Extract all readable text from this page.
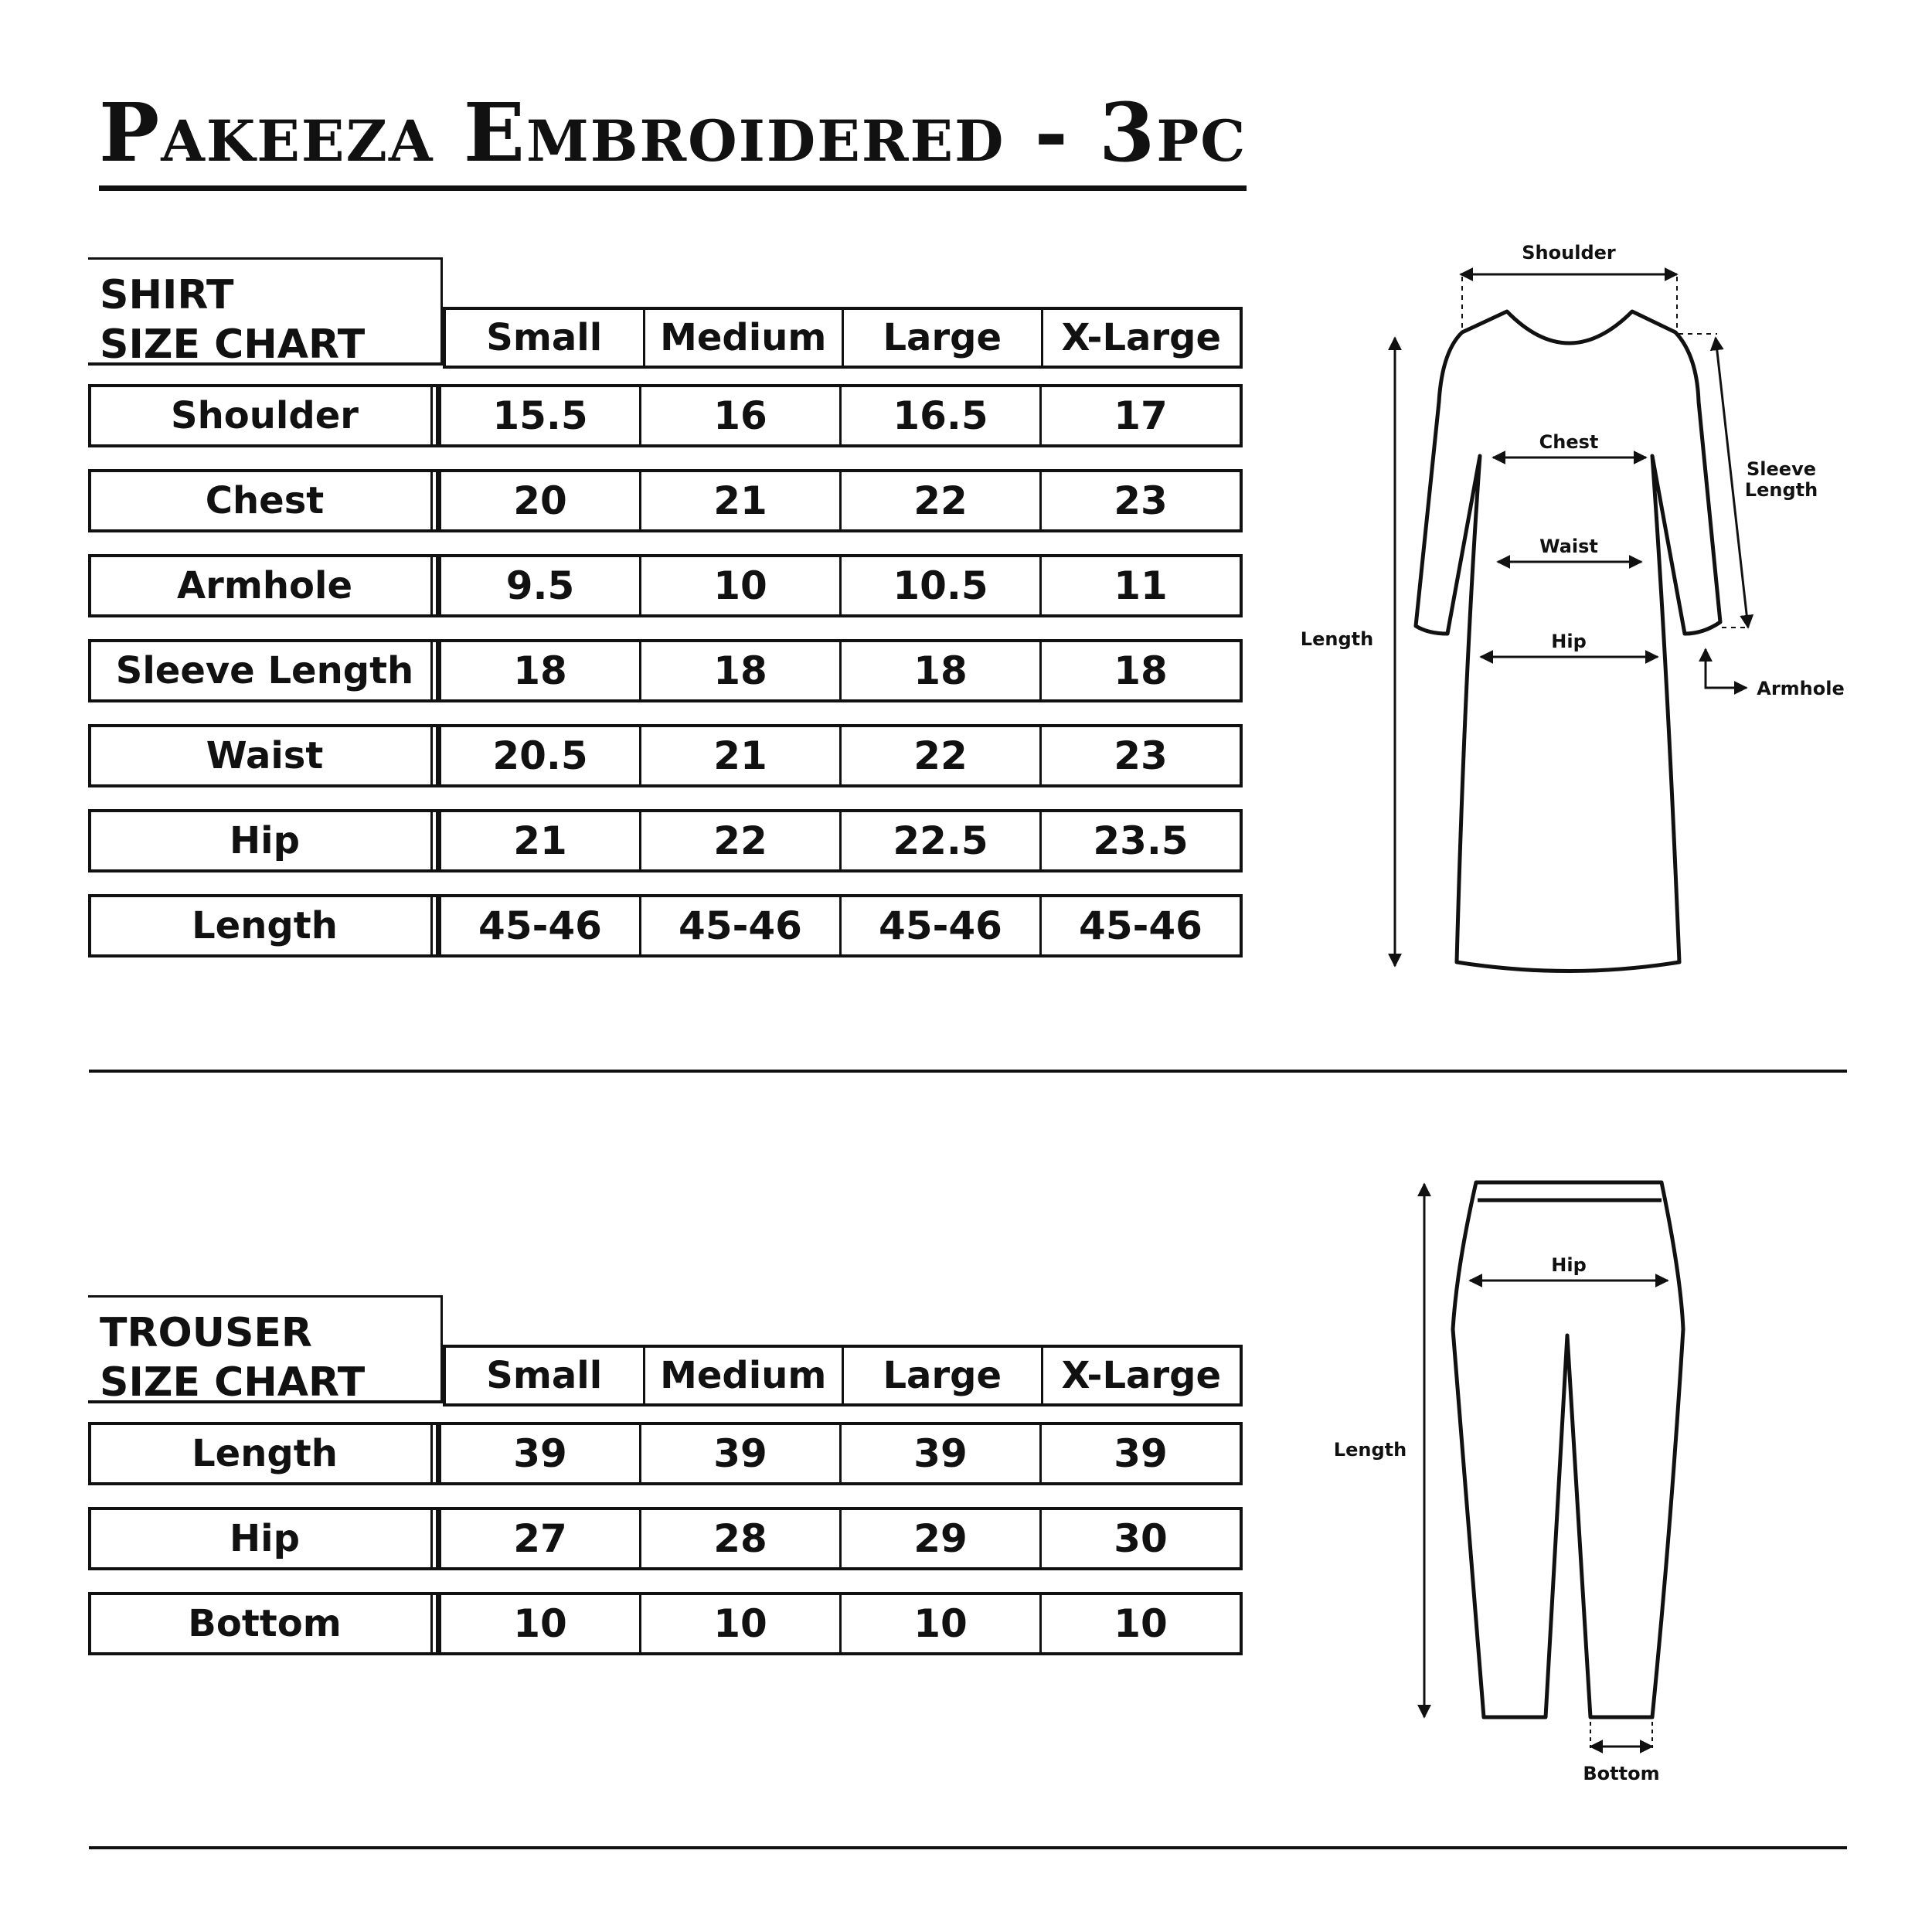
Pakeeza Embroidered - 3pc
SHIRT
SIZE CHART	Small	Medium	Large	X-Large
Shoulder	15.5	16	16.5	17
Chest	20	21	22	23
Armhole	9.5	10	10.5	11
Sleeve Length	18	18	18	18
Waist	20.5	21	22	23
Hip	21	22	22.5	23.5
Length	45-46	45-46	45-46	45-46
Shoulder
Chest
Waist
Hip
Length
Sleeve
Length
Armhole
TROUSER
SIZE CHART	Small	Medium	Large	X-Large
Length	39	39	39	39
Hip	27	28	29	30
Bottom	10	10	10	10
Hip
Length
Bottom
